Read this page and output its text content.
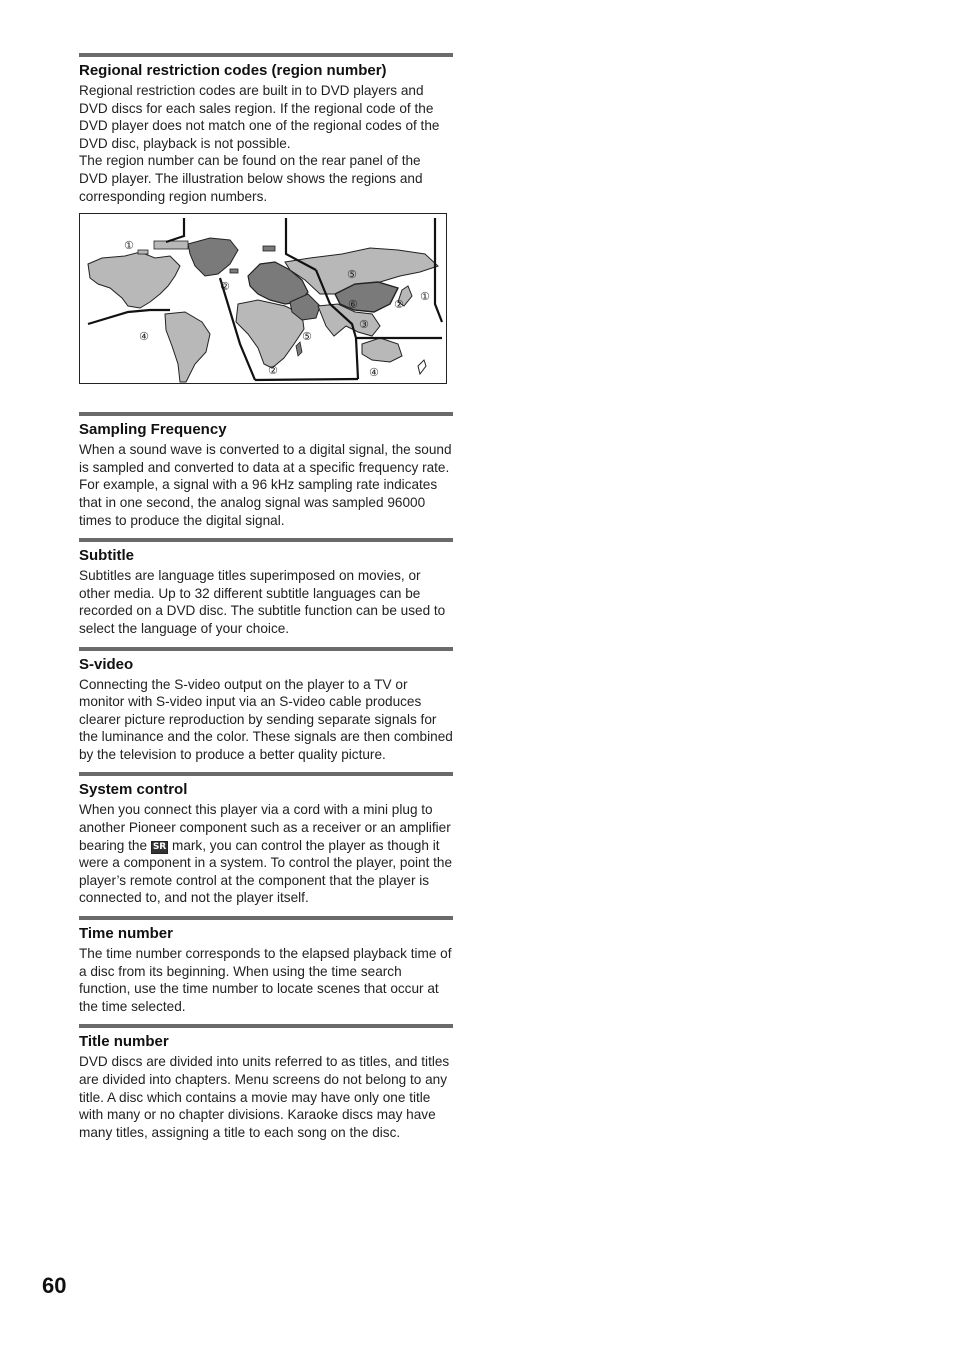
Regional restriction codes (region number)

Regional restriction codes are built in to DVD players and DVD discs for each sales region. If the regional code of the DVD player does not match one of the regional codes of the DVD disc, playback is not possible.

The region number can be found on the rear panel of the DVD player. The illustration below shows the regions and corresponding region numbers.

①
②
⑤
⑥	②
①
④	⑤
③
②	④
Sampling Frequency

When a sound wave is converted to a digital signal, the sound is sampled and converted to data at a specific frequency rate. For example, a signal with a 96 kHz sampling rate indicates that in one second, the analog signal was sampled 96000 times to produce the digital signal.

Subtitle

Subtitles are language titles superimposed on movies, or other media. Up to 32 different subtitle languages can be recorded on a DVD disc. The subtitle function can be used to select the language of your choice.

S-video

Connecting the S-video output on the player to a TV or monitor with S-video input via an S-video cable produces clearer picture reproduction by sending separate signals for the luminance and the color. These signals are then combined by the television to produce a better quality picture.

System control

When you connect this player via a cord with a mini plug to another Pioneer component such as a receiver or an amplifier bearing the SR mark, you can control the player as though it were a component in a system. To control the player, point the player’s remote control at the component that the player is connected to, and not the player itself.

Time number

The time number corresponds to the elapsed playback time of a disc from its beginning. When using the time search function, use the time number to locate scenes that occur at the time selected.

Title number

DVD discs are divided into units referred to as titles, and titles are divided into chapters. Menu screens do not belong to any title. A disc which contains a movie may have only one title with many or no chapter divisions. Karaoke discs may have many titles, assigning a title to each song on the disc.

60
